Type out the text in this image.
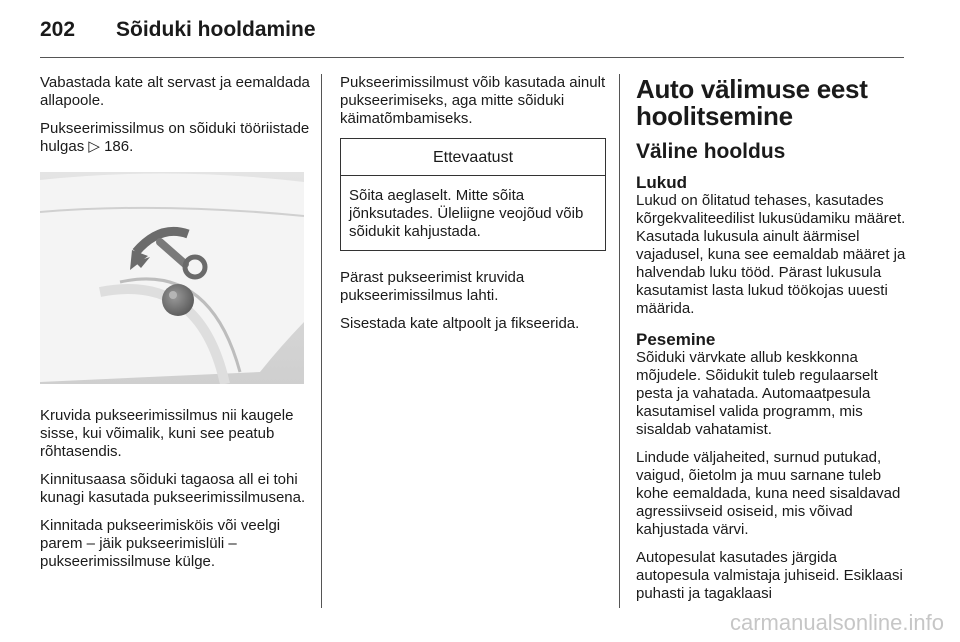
202 Sõiduki hooldamine

Vabastada kate alt servast ja eemaldada allapoole.

Pukseerimissilmus on sõiduki tööriistade hulgas ▷ 186.

Kruvida pukseerimissilmus nii kaugele sisse, kui võimalik, kuni see peatub rõhtasendis.

Kinnitusaasa sõiduki tagaosa all ei tohi kunagi kasutada pukseerimissilmusena.

Kinnitada pukseerimisköis või veelgi parem – jäik pukseerimislüli – pukseerimissilmuse külge.

Pukseerimissilmust võib kasutada ainult pukseerimiseks, aga mitte sõiduki käimatõmbamiseks.

Ettevaatust
Sõita aeglaselt. Mitte sõita jõnksutades. Üleliigne veojõud võib sõidukit kahjustada.

Pärast pukseerimist kruvida pukseerimissilmus lahti.

Sisestada kate altpoolt ja fikseerida.

Auto välimuse eest hoolitsemine
Väline hooldus
Lukud
Lukud on õlitatud tehases, kasutades kõrgekvaliteedilist lukusüdamiku määret. Kasutada lukusula ainult äärmisel vajadusel, kuna see eemaldab määret ja halvendab luku tööd. Pärast lukusula kasutamist lasta lukud töökojas uuesti määrida.
Pesemine

Sõiduki värvkate allub keskkonna mõjudele. Sõidukit tuleb regulaarselt pesta ja vahatada. Automaatpesula kasutamisel valida programm, mis sisaldab vahatamist.

Lindude väljaheited, surnud putukad, vaigud, õietolm ja muu sarnane tuleb kohe eemaldada, kuna need sisaldavad agressiivseid osiseid, mis võivad kahjustada värvi.

Autopesulat kasutades järgida autopesula valmistaja juhiseid. Esiklaasi puhasti ja tagaklaasi

carmanualsonline.info
